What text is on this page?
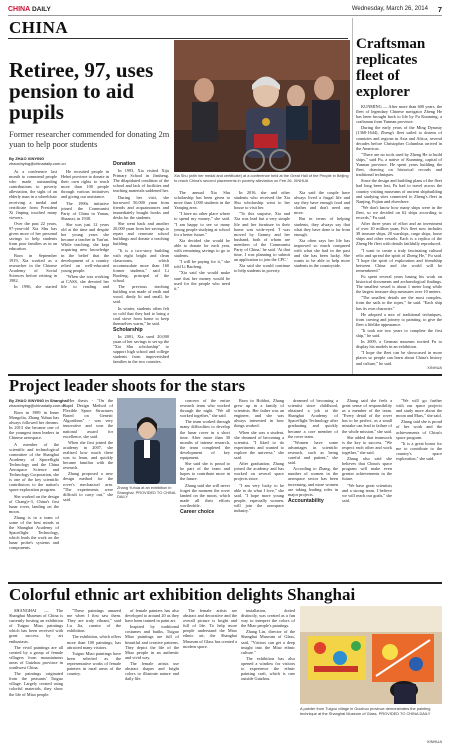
CHINA DAILY	Wednesday, March 26, 2014 7
CHINA
Retiree, 97, uses pension to aid pupils
Former researcher commended for donating 2m yuan to help poor students
By ZHAO XINYING
zhaoxinying@chinadaily.com.cn

At a conference last month to commend people who made outstanding contributions to poverty alleviation, the sight of an elderly man in a wheelchair receiving a medal and certificate from President Xi Jinping touched many viewers.

Over the past 22 years, 97-year-old Xia Shu has given more of her personal savings to help students from poor families as in an education.

Born in September 1919, Xia worked as a researcher in the Chinese Academy of Social Sciences before retiring in 1982.

In 1996, she started

He recruited people in Hebei province to donate in their own rights to reach more than 100 people through various initiatives and giving out assistance.

The 1990s initiative joined the Communist Party of China in Yanan, Shaanxi, in 1938.

She was just 12 years old at the time and despite her young years she became a teacher in Yan'an. While teaching, she kept acquiring new knowledge in the belief that the development of a country relied on well-educated young people.

"When she was working at CASS, she devoted her life to reading and

Donation

In 1993, Xia visited Xiju Primary School in Jinsheng. The dilapidated condition of the school and lack of facilities and teaching materials saddened her.

During her visit, she borrowed 50,000 yuan from friends and acquaintances and immediately bought books and desks for the students.

She went back and another 20,000 yuan from her savings to repair and renovate school buildings and donate a teaching building.

"It is a two-story building with eight bright and clean classrooms, which accommodate more than 160 former students," said Li Baofeng, principal of the school.

The previous teaching building was made of earth and wood, dimly lit and small, he said.

In winter, students often felt so cold that they had to bring a coal stove from home to keep themselves warm," he said.

Scholarship

In 2001, Xia used 20,000 yuan of her savings to set up the "Xia Shu scholarship" to support high school and college students from impoverished families in the two counties.

Xia Shu (with her medal and certificate) at a conference held at the Great Hall of the People in Beijing to reach China's second placements in poverty alleviation on Feb 26. XINHUA

The annual Xia Shu scholarship has been given to more than 1,000 students in the Yanqing area.

"I have no other place where to spend my money," she said. "I am happy to see so many young people studying at school for a better future."

Xia decided she would be able to donate for each year, with remaining savings to go to students.

"I will be paying for it," she told Li Baofeng.

"Xia said she would make sure that her money would be used for the people who need it."

In 2016, she and other students who received the Xia Shu scholarship went to her house to visit her.

"To this surprise, Xia and Xia was lead but a very simple life and her furniture in their home was wide-eyed. 'I was moved by Granny and her husband, both of whom are members of the Communist Party of China,' he said. 'At that time, I was planning to submit an application to join the CPC.'

Xia said she would continue to help students in poverty.

Xia said the couple have always lived a frugal life and say they have enough food and clothes and don't need any more.

But in terms of helping students, they always say that what they have done is far from enough.

Xia often says her life has improved so much compared with what she had in the past and she has been lucky. She wants to be able to help more students in the countryside.

Craftsman replicates fleet of explorer

KUNMING — After more than 600 years, the fleet of legendary Chinese navigator Zheng He has been brought back to life by Fu Kunming, a craftsman from Yunnan province.

During the early years of the Ming Dynasty (1368-1644), Zheng's fleet sailed to dozens of countries and regions in Asia and Africa, several decades before Christopher Columbus arrived in the Americas.

"There are no tools used by Zheng He to build ships," said Fu, a native of Kunming, capital of Yunnan province. He spent years building the fleet, drawing on historical records and traditional techniques.

Since the design and building plans of the fleet had long been lost, Fu had to travel across the country visiting museums of ancient shipbuilding and studying sites connected to Zheng's fleet in Nanjing, Fujian and elsewhere.

"We don't know how many ships were in the fleet, so we decided on 62 ships according to records," Fu said.

After three years of effort and an investment of over 10 million yuan, Fu's fleet now includes 38 treasure ships, 20 warships, cargo ships, horse ships and other vessels. Each is a replica of the Zheng He fleet with details faithfully reproduced.

"I want to create a truly fascinating cultural relic and spread the spirit of Zheng He," Fu said. "I hope the spirit of exploration and friendship between China and the world will be remembered."

Fu spent several years basing his work on historical documents and archaeological findings. The smallest vessel is about 1 meter long while the largest treasure ship measures over 10 meters.

"The smallest details are the most complex, from the sails to the ropes," he said. "Each ship has its own character."

He adopted a mix of traditional techniques, from carving and joinery to painting, to give the fleet a lifelike appearance.

"It took me two years to complete the first ship," he said.

In 2009, a German museum invited Fu to display his models in an exhibition.

"I hope the fleet can be showcased in more places so people can learn about China's history and culture," he said.

XINHUA
Project leader shoots for the stars
By ZHAO XINYING in Shanghai
zhaoxinying@chinadaily.com.cn

Born in 1989 in Inner Mongolia, Zhang Yuhua has always followed her dreams. In 2013 she became one of the youngest team leaders in Chinese aerospace.

A member of the scientific and technological committee of the Shanghai Academy of Spaceflight Technology and the China Aerospace Science and Technology Corporation, she is one of the key scientific contributors to the nation's space exploration program.

She worked on the design of Chang'e-3, China's first lunar rover, landing on the moon.

Zhang is in a team of some of the best minds at the Shanghai Academy of Spaceflight Technology, which leads the work on the lunar probe's systems and components.

Her thesis - "On the Rapid Design Method of Flexible Space Structures Based on Genetic Algorithms" - was very innovative and won the national award for excellence, she said.

When she first joined the academy in 2007, she realized how much there was to learn, and quickly became familiar with the research.

Zhang proposed a new design method for the rover's mechanical arm. "The experiments were difficult to carry out," she said.

Zhang Yuhua at an exhibition in Shanghai. PROVIDED TO CHINA DAILY

concern of the entire research team who worked through the night. "We all worked together," she said.

The team worked through many difficulties to develop the lunar rover in a short time. After more than 30 months of intense research, the team completed the development of key equipment.

She said she is proud to be part of the team and hopes to contribute more in the future.

Zhang said she will never forget the moment the rover landed on the moon, which made all their efforts worthwhile.

Career choice

Born in Hohhot, Zhang grew up in a family of scientists. Her father was an engineer, and she was always interested in how things worked.

When she was a student, she dreamed of becoming a scientist. "I liked to do experiments and wanted to explore the universe," she said.

After graduation, Zhang joined the academy and has worked on several space projects since.

"I am very lucky to be able to do what I love," she said. "I hope more young people, especially women, will join the aerospace industry."

dreamed of becoming a scientist since childhood, obtained a job at the Shanghai Academy of Spaceflight Technology after graduating and quickly became a core member of the rover team.

"Women have some advantages in scientific research, such as being careful and patient," she said.

According to Zhang, the number of women in the aerospace sector has been increasing, and more women are taking leading roles in major projects.

Accountability

Zhang said she feels a great sense of responsibility as a member of the team. "Every detail of the rover has to be perfect, as a small mistake can lead to failure of the whole mission," she said.

She added that teamwork is the key to success. "We respect each other and work together," she said.

Zhang also said she believes that China's space program will make even greater achievements in the future.

"We have great scientists and a strong team. I believe we will reach our goals," she said.

"We will go further with our space projects and study more about the moon and Mars," she said.

Zhang said she is proud of her work and the achievements of China's space program.

"It is a great honor for me to contribute to the country's space exploration," she said.

Colorful ethnic art exhibition delights Shanghai

SHANGHAI — The Shanghai Museum of China is currently hosting an exhibition of Tuiguo Miao paintings which has been received with great success by art enthusiasts.

The vivid paintings are all created by a group of female villagers from mountainous areas of Guizhou province in southwest China.

The paintings originated from the peasants' Tuiguo village. Largely created using colorful materials, they show the life of Miao people.

"These paintings amazed me when I first saw them. They are truly vibrant," said Lu Jia, curator of the exhibition.

The exhibition, which offers more than 100 paintings, has attracted many visitors.

Tuiguo Miao paintings have been selected as the representative works of female painters in rural areas of the country.

of female painters has also developed to around 20 as they have been trained in paint art.

Inspired by traditional costumes and batiks, Tuiguo Miao paintings are full of beautiful and creative patterns. They depict the life of the Miao people in an authentic and vivid way.

The female artists use abstract shapes and bright colors to illustrate nature and daily life.

The female artists are abstract and decorative and the overall picture is bright and full of life. To help more people understand the Miao ethnic art, the Shanghai Museum of Glass has created a modern space.

installation, dotted distinctly, was created as a fun way to interpret the colors of the Miao people's paintings.

Zhang Lin, director of the Shanghai Museum of Glass, said, "Visitors can get a deep insight into the Miao ethnic culture."

The exhibition has also opened a window for visitors to experience the ethnic painting craft, which is rare outside Guizhou.

A painter from Tuiguo village in Guizhou province demonstrates the painting technique at the Shanghai Museum of Glass. PROVIDED TO CHINA DAILY
XINHUA
